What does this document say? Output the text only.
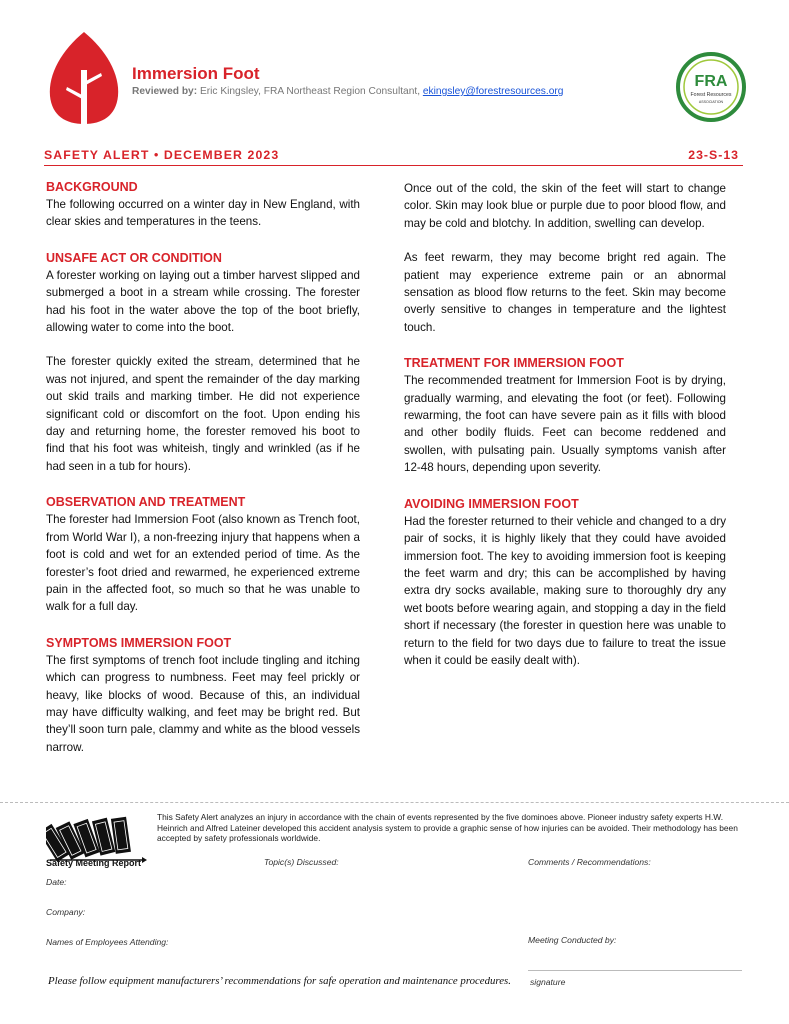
FRA
Forest Resources
ASSOCIATION
Immersion Foot
Reviewed by: Eric Kingsley, FRA Northeast Region Consultant, ekingsley@forestresources.org
SAFETY ALERT • DECEMBER 2023	23-S-13
BACKGROUND
The following occurred on a winter day in New England, with clear skies and temperatures in the teens.
UNSAFE ACT OR CONDITION
A forester working on laying out a timber harvest slipped and submerged a boot in a stream while crossing. The forester had his foot in the water above the top of the boot briefly, allowing water to come into the boot.
The forester quickly exited the stream, determined that he was not injured, and spent the remainder of the day marking out skid trails and marking timber. He did not experience significant cold or discomfort on the foot. Upon ending his day and returning home, the forester removed his boot to find that his foot was whiteish, tingly and wrinkled (as if he had seen in a tub for hours).
OBSERVATION AND TREATMENT
The forester had Immersion Foot (also known as Trench foot, from World War I), a non-freezing injury that happens when a foot is cold and wet for an extended period of time. As the forester’s foot dried and rewarmed, he experienced extreme pain in the affected foot, so much so that he was unable to walk for a full day.
SYMPTOMS IMMERSION FOOT
The first symptoms of trench foot include tingling and itching which can progress to numbness. Feet may feel prickly or heavy, like blocks of wood. Because of this, an individual may have difficulty walking, and feet may be bright red. But they’ll soon turn pale, clammy and white as the blood vessels narrow.
Once out of the cold, the skin of the feet will start to change color. Skin may look blue or purple due to poor blood flow, and may be cold and blotchy. In addition, swelling can develop.
As feet rewarm, they may become bright red again. The patient may experience extreme pain or an abnormal sensation as blood flow returns to the feet. Skin may become overly sensitive to changes in temperature and the lightest touch.
TREATMENT FOR IMMERSION FOOT
The recommended treatment for Immersion Foot is by drying, gradually warming, and elevating the foot (or feet). Following rewarming, the foot can have severe pain as it fills with blood and other bodily fluids. Feet can become reddened and swollen, with pulsating pain. Usually symptoms vanish after 12-48 hours, depending upon severity.
AVOIDING IMMERSION FOOT
Had the forester returned to their vehicle and changed to a dry pair of socks, it is highly likely that they could have avoided immersion foot. The key to avoiding immersion foot is keeping the feet warm and dry; this can be accomplished by having extra dry socks available, making sure to thoroughly dry any wet boots before wearing again, and stopping a day in the field short if necessary (the forester in question here was unable to return to the field for two days due to failure to treat the issue when it could be easily dealt with).
This Safety Alert analyzes an injury in accordance with the chain of events represented by the five dominoes above. Pioneer industry safety experts H.W. Heinrich and Alfred Lateiner developed this accident analysis system to provide a graphic sense of how injuries can be avoided. Their methodology has been accepted by safety professionals worldwide.
Safety Meeting Report	Topic(s) Discussed:	Comments / Recommendations:
Date:
Company:
Names of Employees Attending:	Meeting Conducted by:
Please follow equipment manufacturers’ recommendations for safe operation and maintenance procedures. signature
